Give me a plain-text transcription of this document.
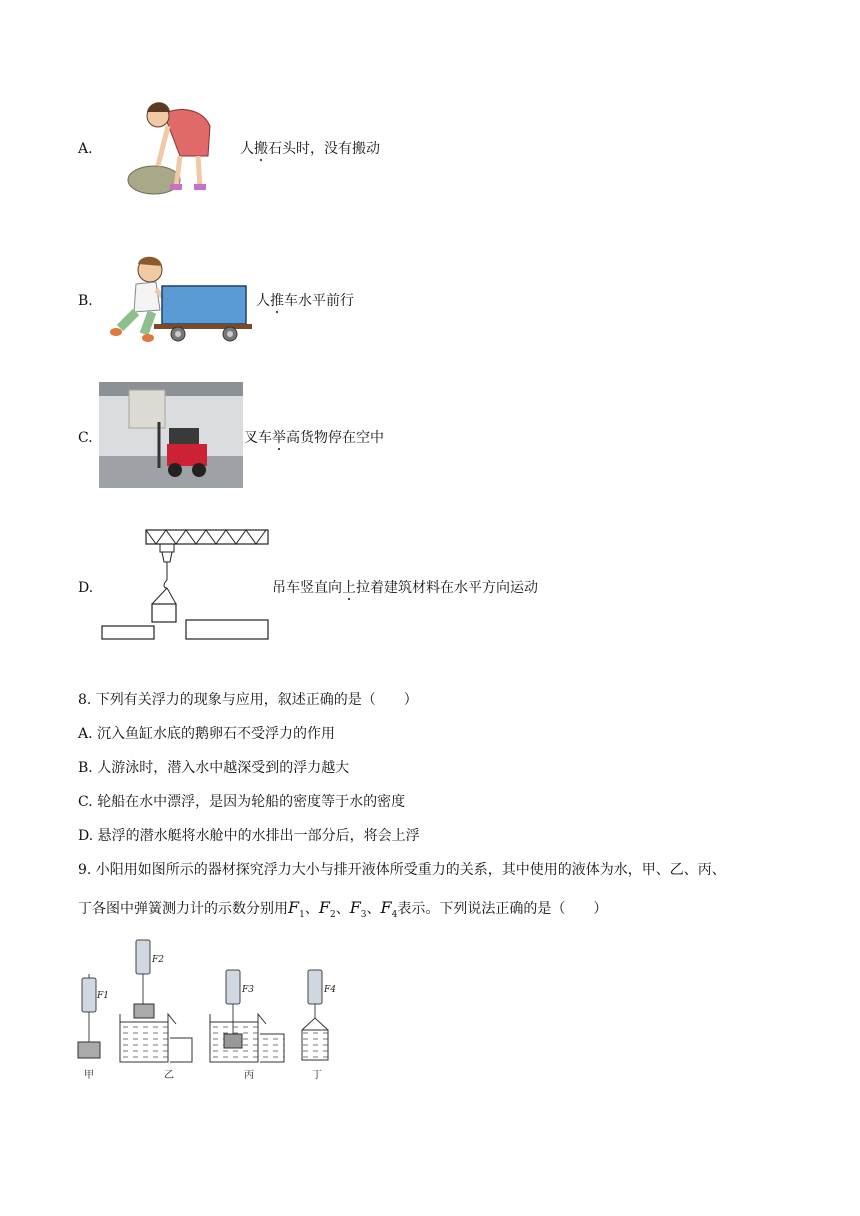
A.	人搬石头时，没有搬动
B.	人推车水平前行
C.	叉车举高货物停在空中
D.	吊车竖直向上拉着建筑材料在水平方向运动
8. 下列有关浮力的现象与应用，叙述正确的是（　　）
A. 沉入鱼缸水底的鹅卵石不受浮力的作用
B. 人游泳时，潜入水中越深受到的浮力越大
C. 轮船在水中漂浮，是因为轮船的密度等于水的密度
D. 悬浮的潜水艇将水舱中的水排出一部分后，将会上浮
9. 小阳用如图所示的器材探究浮力大小与排开液体所受重力的关系，其中使用的液体为水，甲、乙、丙、
丁各图中弹簧测力计的示数分别用$F_1$、$F_2$、$F_3$、$F_4$表示。下列说法正确的是（　　）
F1
甲
F2
乙
F3
丙
F4
丁
